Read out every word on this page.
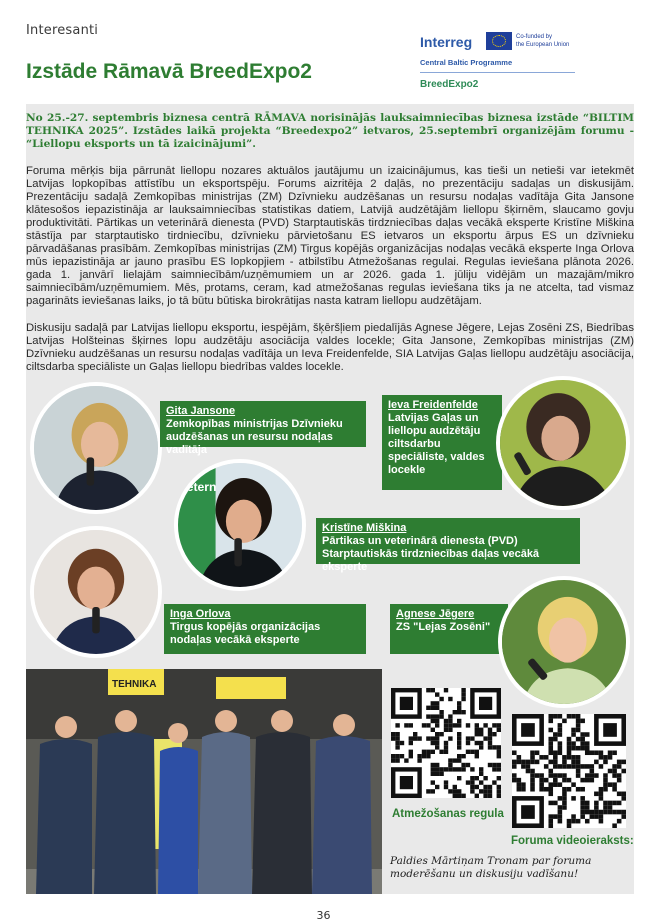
Interesanti
Izstāde Rāmavā BreedExpo2
Interreg	Co-funded by
the European Union
Central Baltic Programme
BreedExpo2

No 25.-27. septembris biznesa centrā RĀMAVA norisinājās lauksaimniecības biznesa izstāde “BILTIM TEHNIKA 2025”. Izstādes laikā projekta “Breedexpo2” ietvaros, 25.septembrī organizējām forumu - “Liellopu eksports un tā izaicinājumi”.

Foruma mērķis bija pārrunāt liellopu nozares aktuālos jautājumu un izaicinājumus, kas tieši un netieši var ietekmēt Latvijas lopkopības attīstību un eksportspēju. Forums aizritēja 2 daļās, no prezentāciju sadaļas un diskusijām. Prezentāciju sadaļā Zemkopības ministrijas (ZM) Dzīvnieku audzēšanas un resursu nodaļas vadītāja Gita Jansone klātesošos iepazistināja ar lauksaimniecības statistikas datiem, Latvijā audzētājām liellopu šķirnēm, slaucamo govju produktivitāti. Pārtikas un veterinārā dienesta (PVD) Starptautiskās tirdzniecības daļas vecākā eksperte Kristīne Miškina stāstīja par starptautisko tirdniecību, dzīvnieku pārvietošanu ES ietvaros un eksportu ārpus ES un dzīvnieku pārvadāšanas prasībām. Zemkopības ministrijas (ZM) Tirgus kopējās organizācijas nodaļas vecākā eksperte Inga Orlova mūs iepazistināja ar jauno prasību ES lopkopjiem - atbilstību Atmežošanas regulai. Regulas ieviešana plānota 2026. gada 1. janvārī lielajām saimniecībām/uzņēmumiem un ar 2026. gada 1. jūliju vidējām un mazajām/mikro saimniecībām/uzņēmumiem. Mēs, protams, ceram, kad atmežošanas regulas ieviešana tiks ja ne atcelta, tad vismaz pagarināts ieviešanas laiks, jo tā būtu būtiska birokrātijas nasta katram liellopu audzētājam.

Diskusiju sadaļā par Latvijas liellopu eksportu, iespējām, šķēršļiem piedalījās Agnese Jēgere, Lejas Zosēni ZS, Biedrības Latvijas Holšteinas šķirnes lopu audzētāju asociācija valdes locekle; Gita Jansone, Zemkopības ministrijas (ZM) Dzīvnieku audzēšanas un resursu nodaļas vadītāja un Ieva Freidenfelde, SIA Latvijas Gaļas liellopu audzētāju asociācija, ciltsdarba speciāliste un Gaļas liellopu biedrības valdes locekle.

Gita Jansone
Zemkopības ministrijas Dzīvnieku audzēšanas un resursu nodaļas vadītāja
Ieva Freidenfelde
Latvijas Gaļas un liellopu audzētāju ciltsdarbu speciāliste, valdes locekle
vetern
Kristīne Miškina
Pārtikas un veterinārā dienesta (PVD) Starptautiskās tirdzniecības daļas vecākā eksperte
Inga Orlova
Tirgus kopējās organizācijas nodaļas vecākā eksperte
Agnese Jēgere
ZS "Lejas Zosēni"
TEHNIKA
Atmežošanas regula
Foruma videoieraksts:

Paldies Mārtiņam Tronam par foruma moderēšanu un diskusiju vadīšanu!

36
